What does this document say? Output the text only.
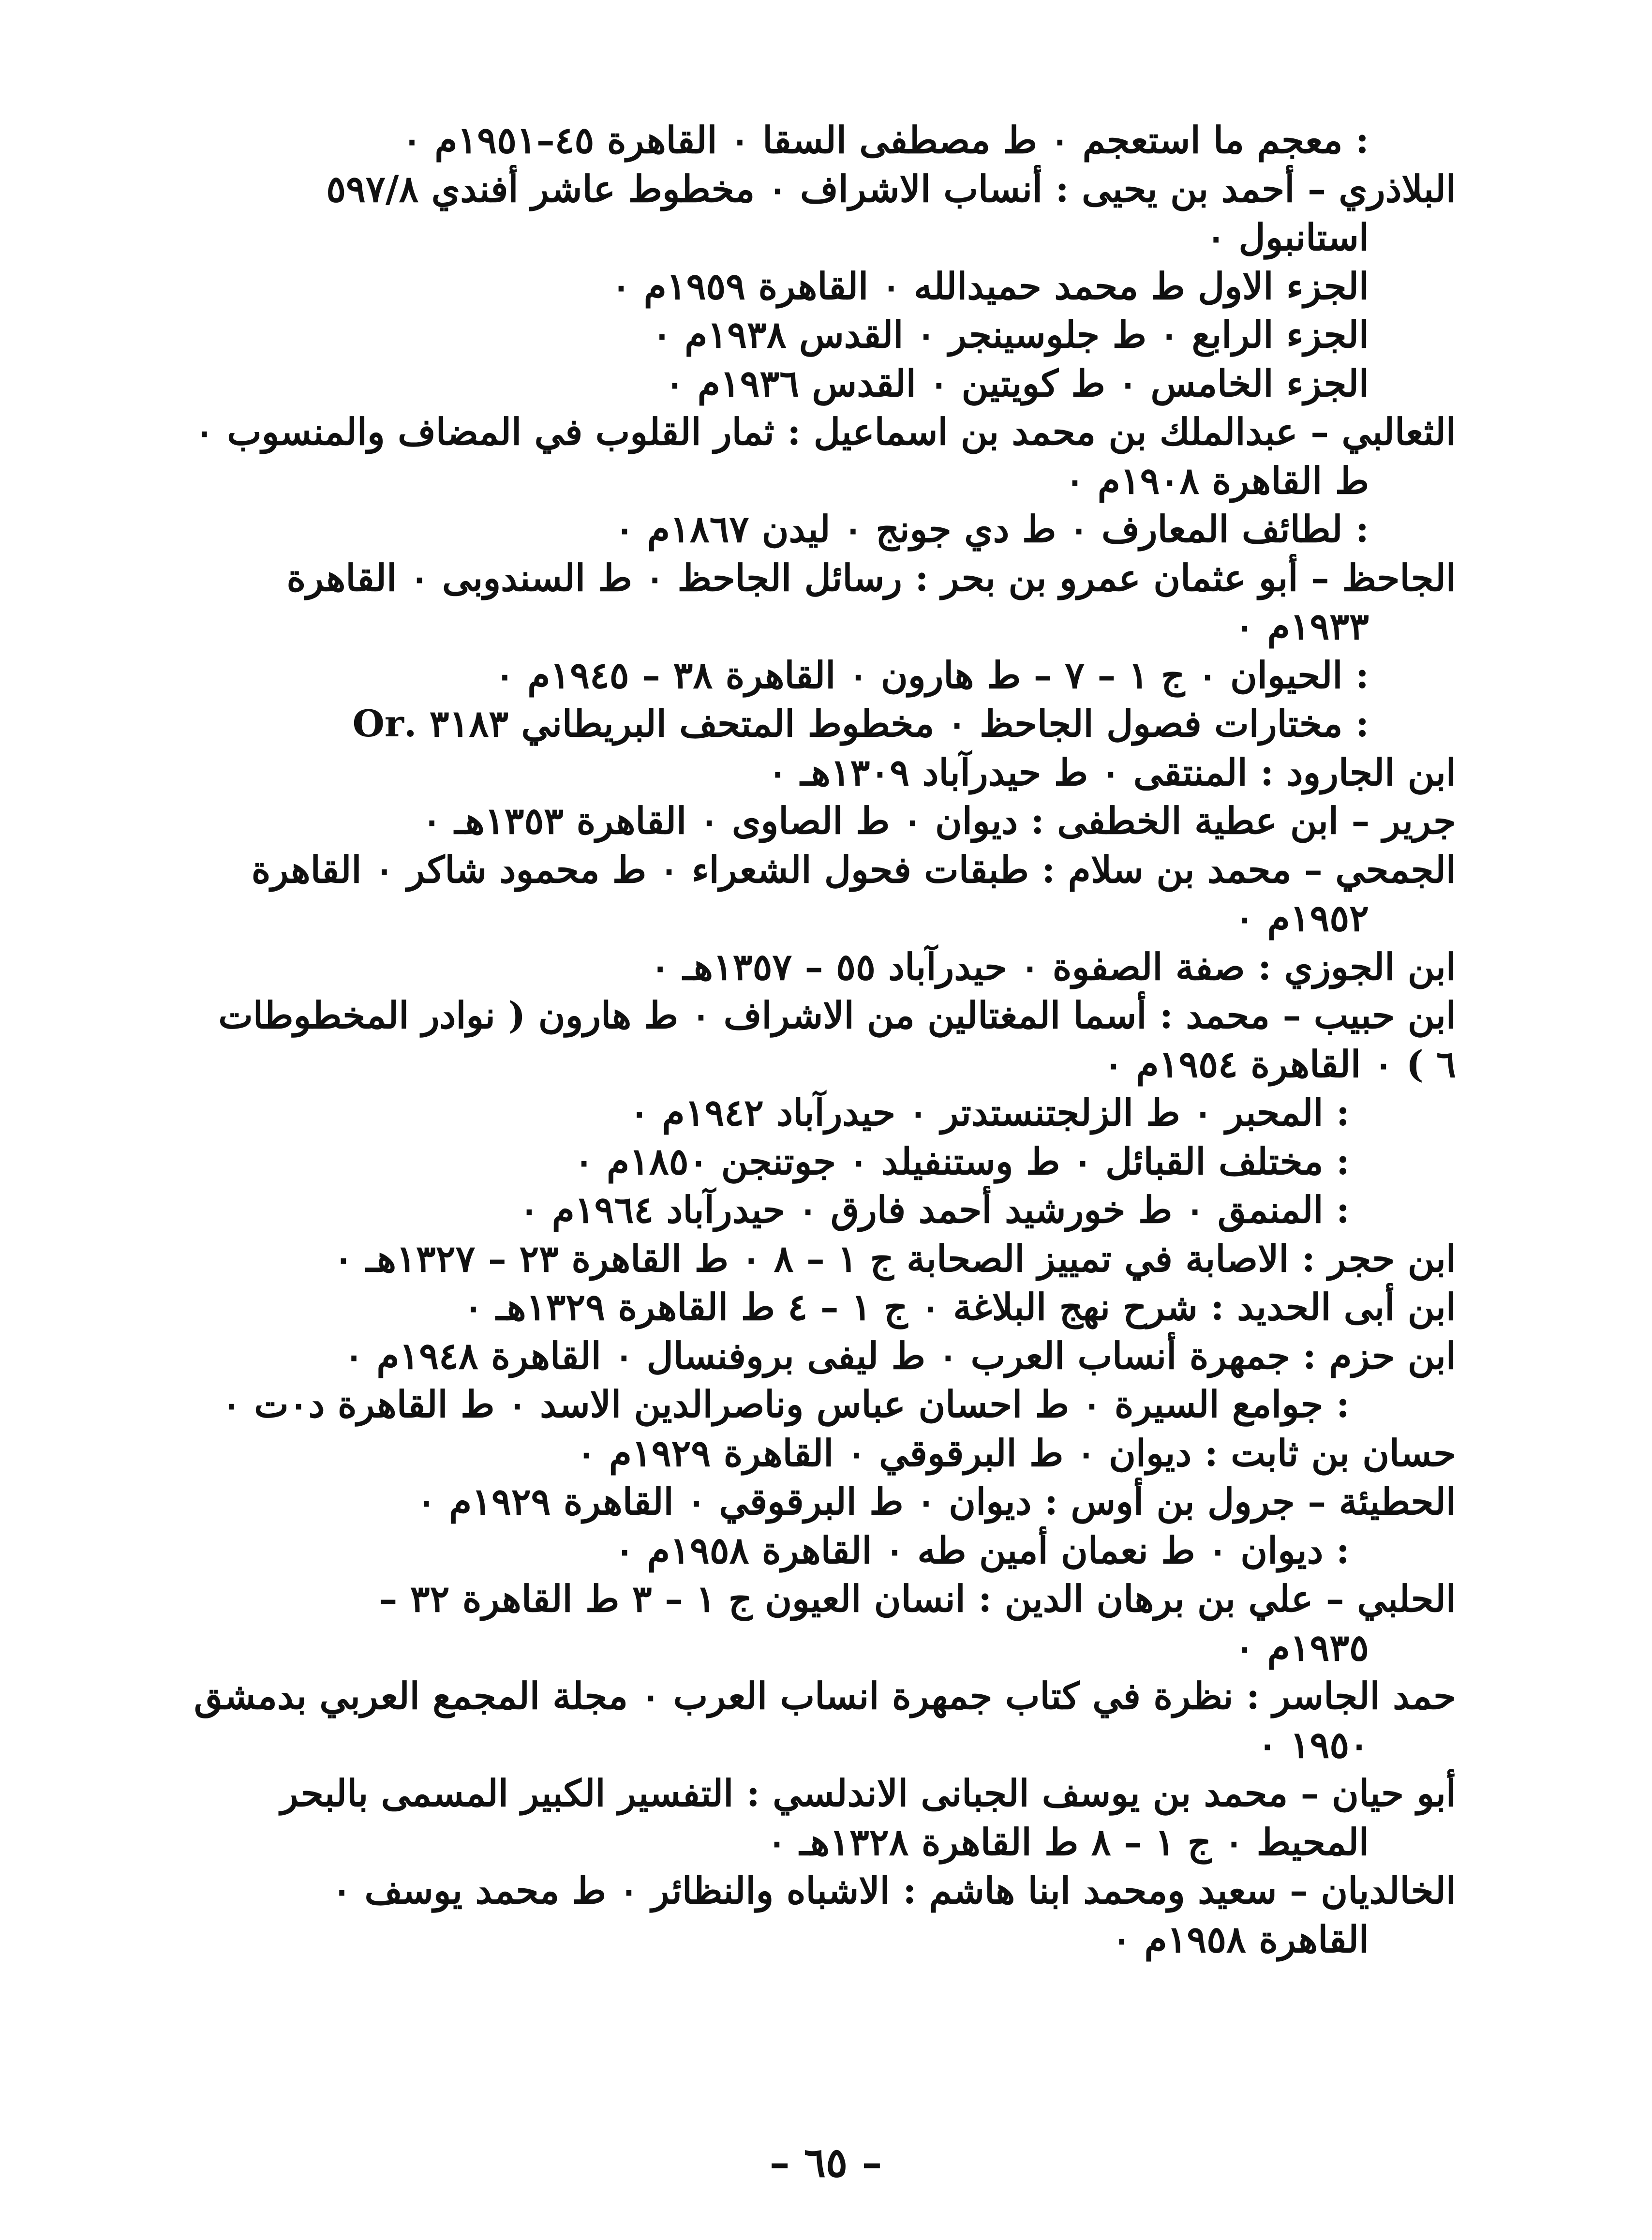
: معجم ما استعجم ٠ ط مصطفى السقا ٠ القاهرة ٤٥–١٩٥١م ٠
البلاذري – أحمد بن يحيى : أنساب الاشراف ٠ مخطوط عاشر أفندي ٥٩٧/٨
استانبول ٠
الجزء الاول ط محمد حميدالله ٠ القاهرة ١٩٥٩م ٠
الجزء الرابع ٠ ط جلوسينجر ٠ القدس ١٩٣٨م ٠
الجزء الخامس ٠ ط كويتين ٠ القدس ١٩٣٦م ٠
الثعالبي – عبدالملك بن محمد بن اسماعيل : ثمار القلوب في المضاف والمنسوب ٠
ط القاهرة ١٩٠٨م ٠
: لطائف المعارف ٠ ط دي جونج ٠ ليدن ١٨٦٧م ٠
الجاحظ – أبو عثمان عمرو بن بحر : رسائل الجاحظ ٠ ط السندوبى ٠ القاهرة
١٩٣٣م ٠
: الحيوان ٠ ج ١ – ٧ – ط هارون ٠ القاهرة ٣٨ – ١٩٤٥م ٠
: مختارات فصول الجاحظ ٠ مخطوط المتحف البريطاني ٣١٨٣ .Or
ابن الجارود : المنتقى ٠ ط حيدرآباد ١٣٠٩هـ ٠
جرير – ابن عطية الخطفى : ديوان ٠ ط الصاوى ٠ القاهرة ١٣٥٣هـ ٠
الجمحي – محمد بن سلام : طبقات فحول الشعراء ٠ ط محمود شاكر ٠ القاهرة
١٩٥٢م ٠
ابن الجوزي : صفة الصفوة ٠ حيدرآباد ٥٥ – ١٣٥٧هـ ٠
ابن حبيب – محمد : أسما المغتالين من الاشراف ٠ ط هارون ( نوادر المخطوطات
٦ ) ٠ القاهرة ١٩٥٤م ٠
: المحبر ٠ ط الزلجتنستدتر ٠ حيدرآباد ١٩٤٢م ٠
: مختلف القبائل ٠ ط وستنفيلد ٠ جوتنجن ١٨٥٠م ٠
: المنمق ٠ ط خورشيد أحمد فارق ٠ حيدرآباد ١٩٦٤م ٠
ابن حجر : الاصابة في تمييز الصحابة ج ١ – ٨ ٠ ط القاهرة ٢٣ – ١٣٢٧هـ ٠
ابن أبى الحديد : شرح نهج البلاغة ٠ ج ١ – ٤ ط القاهرة ١٣٢٩هـ ٠
ابن حزم : جمهرة أنساب العرب ٠ ط ليفى بروفنسال ٠ القاهرة ١٩٤٨م ٠
: جوامع السيرة ٠ ط احسان عباس وناصرالدين الاسد ٠ ط القاهرة د٠ت ٠
حسان بن ثابت : ديوان ٠ ط البرقوقي ٠ القاهرة ١٩٢٩م ٠
الحطيئة – جرول بن أوس : ديوان ٠ ط البرقوقي ٠ القاهرة ١٩٢٩م ٠
: ديوان ٠ ط نعمان أمين طه ٠ القاهرة ١٩٥٨م ٠
الحلبي – علي بن برهان الدين : انسان العيون ج ١ – ٣ ط القاهرة ٣٢ –
١٩٣٥م ٠
حمد الجاسر : نظرة في كتاب جمهرة انساب العرب ٠ مجلة المجمع العربي بدمشق
١٩٥٠ ٠
أبو حيان – محمد بن يوسف الجبانى الاندلسي : التفسير الكبير المسمى بالبحر
المحيط ٠ ج ١ – ٨ ط القاهرة ١٣٢٨هـ ٠
الخالديان – سعيد ومحمد ابنا هاشم : الاشباه والنظائر ٠ ط محمد يوسف ٠
القاهرة ١٩٥٨م ٠
– ٦٥ –
